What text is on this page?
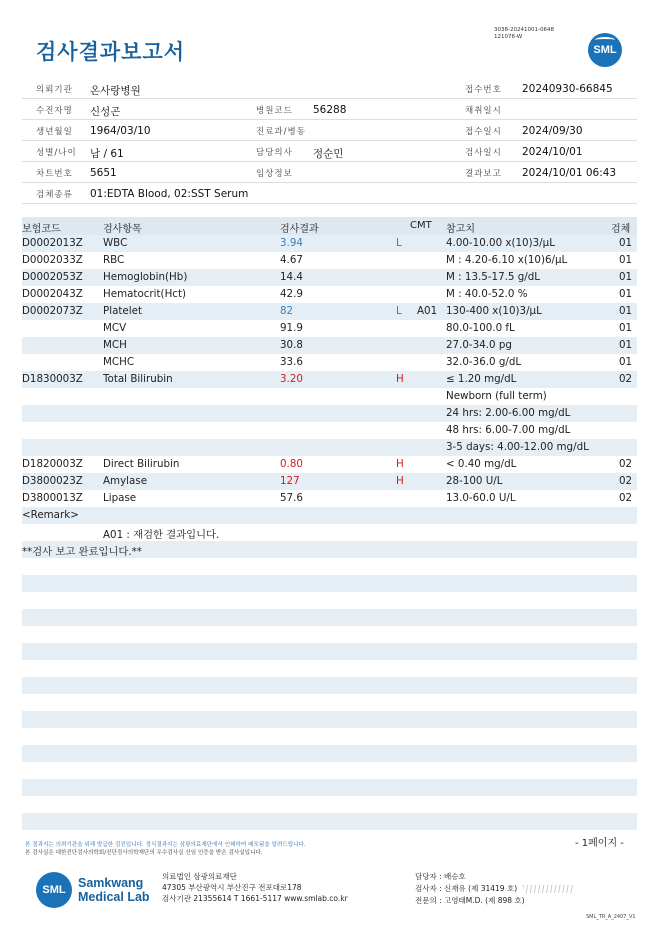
검사결과보고서
3038-20241001-0648
121076-W
SML
의뢰기관 온사랑병원	접수번호 20240930-66845
수진자명 신성곤	병원코드 56288	채취일시
생년월일 1964/03/10	진료과/병동	접수일시 2024/09/30
성별/나이 남 / 61	담당의사 정순민	검사일시 2024/10/01
차트번호 5651	임상정보	결과보고 2024/10/01 06:43
검체종류 01:EDTA Blood, 02:SST Serum
보험코드	검사항목	검사결과	CMT 참고치	검체
D0002013Z WBC	3.94	L	4.00-10.00 x(10)3/μL	01
D0002033Z RBC	4.67	M : 4.20-6.10 x(10)6/μL	01
D0002053Z Hemoglobin(Hb)	14.4	M : 13.5-17.5 g/dL	01
D0002043Z Hematocrit(Hct)	42.9	M : 40.0-52.0 %	01
D0002073Z Platelet	82	L A01 130-400 x(10)3/μL	01
MCV	91.9	80.0-100.0 fL	01
MCH	30.8	27.0-34.0 pg	01
MCHC	33.6	32.0-36.0 g/dL	01
D1830003Z Total Bilirubin	3.20	H	≤ 1.20 mg/dL	02
Newborn (full term)
24 hrs: 2.00-6.00 mg/dL
48 hrs: 6.00-7.00 mg/dL
3-5 days: 4.00-12.00 mg/dL
D1820003Z Direct Bilirubin	0.80	H	< 0.40 mg/dL	02
D3800023Z Amylase	127	H	28-100 U/L	02
D3800013Z Lipase	57.6	13.0-60.0 U/L	02
<Remark>
A01 : 재검한 결과입니다.
**검사 보고 완료입니다.**
본 결과지는 의뢰기관을 위해 발급한 검진입니다. 정식결과지는 삼광의료재단에서 인쇄하여 배포됨을 알려드립니다.
본 검사실은 대한진단검사의학회/진단검사의학재단의 우수검사실 신임 인증을 받은 검사실입니다.
- 1페이지 -
SML Samkwang
Medical Lab
의료법인 삼광의료재단
47305 부산광역시 부산진구 전포대로178
검사기관 21355614 T 1661-5117 www.smlab.co.kr
담당자 : 배승호
검사자 : 신재유 (제 31419 호)
전문의 : 고영태M.D. (제 898 호)
SML_TR_A_2407_V1
